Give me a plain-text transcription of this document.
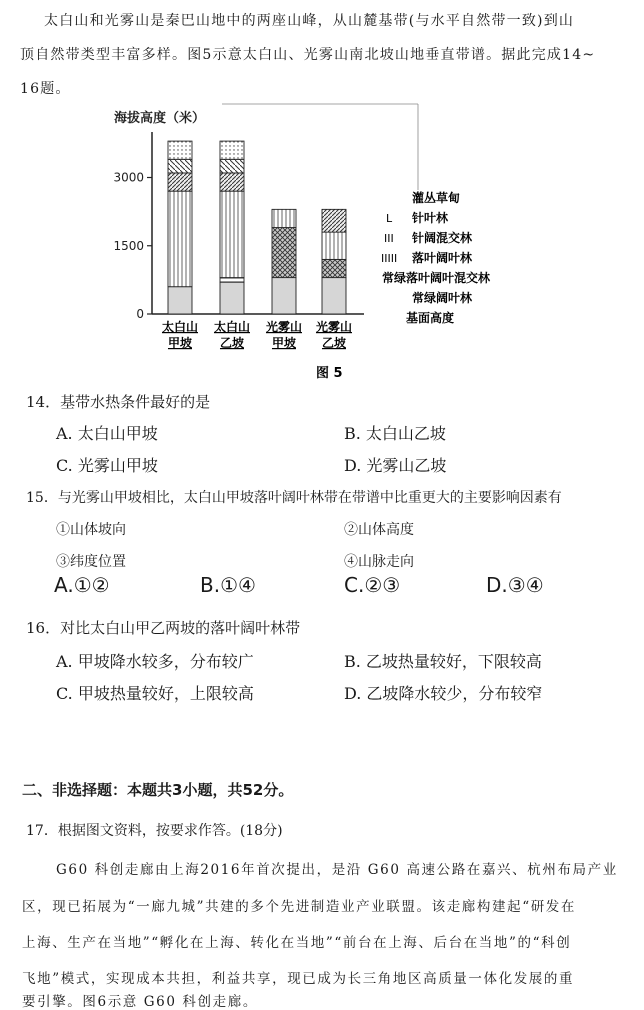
太白山和光雾山是秦巴山地中的两座山峰，从山麓基带(与水平自然带一致)到山
顶自然带类型丰富多样。图5示意太白山、光雾山南北坡山地垂直带谱。据此完成14~
16题。
海拔高度（米）
0
1500
3000
太白山
甲坡
太白山
乙坡
光雾山
甲坡
光雾山
乙坡
灌丛草甸
L 针叶林
III 针阔混交林
IIIII 落叶阔叶林
常绿落叶阔叶混交林
常绿阔叶林
基面高度
图 5
14．基带水热条件最好的是
A. 太白山甲坡	B. 太白山乙坡
C. 光雾山甲坡	D. 光雾山乙坡
15．与光雾山甲坡相比，太白山甲坡落叶阔叶林带在带谱中比重更大的主要影响因素有
①山体坡向	②山体高度
③纬度位置	④山脉走向
A.①②	B.①④	C.②③	D.③④
16．对比太白山甲乙两坡的落叶阔叶林带
A. 甲坡降水较多，分布较广	B. 乙坡热量较好，下限较高
C. 甲坡热量较好，上限较高	D. 乙坡降水较少，分布较窄
二、非选择题：本题共3小题，共52分。
17．根据图文资料，按要求作答。(18分)
G60 科创走廊由上海2016年首次提出，是沿 G60 高速公路在嘉兴、杭州布局产业
区，现已拓展为“一廊九城”共建的多个先进制造业产业联盟。该走廊构建起“研发在
上海、生产在当地”“孵化在上海、转化在当地”“前台在上海、后台在当地”的“科创
飞地”模式，实现成本共担，利益共享，现已成为长三角地区高质量一体化发展的重
要引擎。图6示意 G60 科创走廊。
